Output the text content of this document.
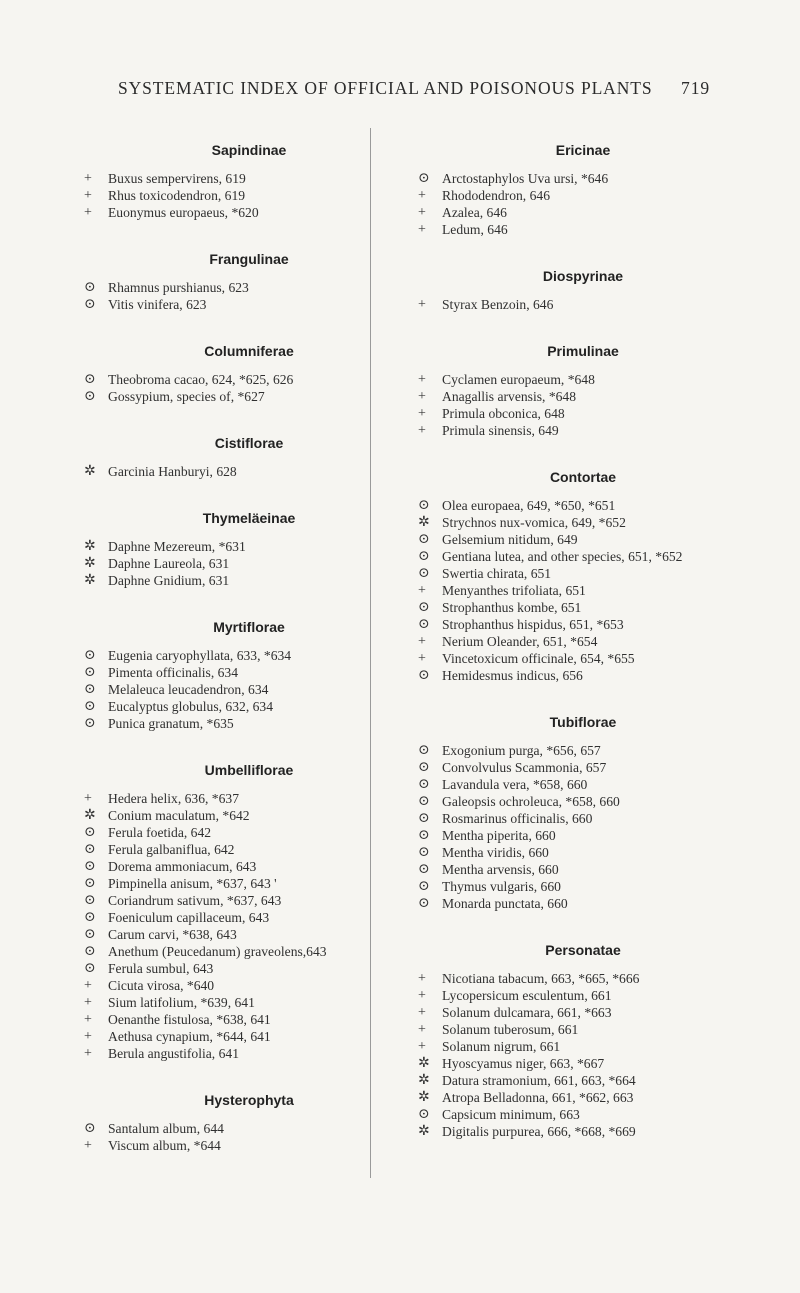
SYSTEMATIC INDEX OF OFFICIAL AND POISONOUS PLANTS 719
Sapindinae
+	Buxus sempervirens, 619
+	Rhus toxicodendron, 619
+	Euonymus europaeus, *620
Frangulinae
⊙ Rhamnus purshianus, 623
⊙ Vitis vinifera, 623
Columniferae
⊙ Theobroma cacao, 624, *625, 626
⊙ Gossypium, species of, *627
Cistiflorae
✲ Garcinia Hanburyi, 628
Thymeläeinae
✲ Daphne Mezereum, *631
✲ Daphne Laureola, 631
✲ Daphne Gnidium, 631
Myrtiflorae
⊙ Eugenia caryophyllata, 633, *634
⊙ Pimenta officinalis, 634
⊙ Melaleuca leucadendron, 634
⊙ Eucalyptus globulus, 632, 634
⊙ Punica granatum, *635
Umbelliflorae
+	Hedera helix, 636, *637
✲ Conium maculatum, *642
⊙ Ferula foetida, 642
⊙ Ferula galbaniflua, 642
⊙ Dorema ammoniacum, 643
⊙ Pimpinella anisum, *637, 643 '
⊙ Coriandrum sativum, *637, 643
⊙ Foeniculum capillaceum, 643
⊙ Carum carvi, *638, 643
⊙ Anethum (Peucedanum) graveolens,643
⊙ Ferula sumbul, 643
+	Cicuta virosa, *640
+	Sium latifolium, *639, 641
+	Oenanthe fistulosa, *638, 641
+	Aethusa cynapium, *644, 641
+	Berula angustifolia, 641
Hysterophyta
⊙ Santalum album, 644
+	Viscum album, *644
Ericinae
⊙ Arctostaphylos Uva ursi, *646
+	Rhododendron, 646
+	Azalea, 646
+	Ledum, 646
Diospyrinae
+	Styrax Benzoin, 646
Primulinae
+	Cyclamen europaeum, *648
+	Anagallis arvensis, *648
+	Primula obconica, 648
+	Primula sinensis, 649
Contortae
⊙ Olea europaea, 649, *650, *651
✲ Strychnos nux-vomica, 649, *652
⊙ Gelsemium nitidum, 649
⊙ Gentiana lutea, and other species, 651, *652
⊙ Swertia chirata, 651
+	Menyanthes trifoliata, 651
⊙ Strophanthus kombe, 651
⊙ Strophanthus hispidus, 651, *653
+	Nerium Oleander, 651, *654
+	Vincetoxicum officinale, 654, *655
⊙ Hemidesmus indicus, 656
Tubiflorae
⊙ Exogonium purga, *656, 657
⊙ Convolvulus Scammonia, 657
⊙ Lavandula vera, *658, 660
⊙ Galeopsis ochroleuca, *658, 660
⊙ Rosmarinus officinalis, 660
⊙ Mentha piperita, 660
⊙ Mentha viridis, 660
⊙ Mentha arvensis, 660
⊙ Thymus vulgaris, 660
⊙ Monarda punctata, 660
Personatae
+	Nicotiana tabacum, 663, *665, *666
+	Lycopersicum esculentum, 661
+	Solanum dulcamara, 661, *663
+	Solanum tuberosum, 661
+	Solanum nigrum, 661
✲ Hyoscyamus niger, 663, *667
✲ Datura stramonium, 661, 663, *664
✲ Atropa Belladonna, 661, *662, 663
⊙ Capsicum minimum, 663
✲ Digitalis purpurea, 666, *668, *669
